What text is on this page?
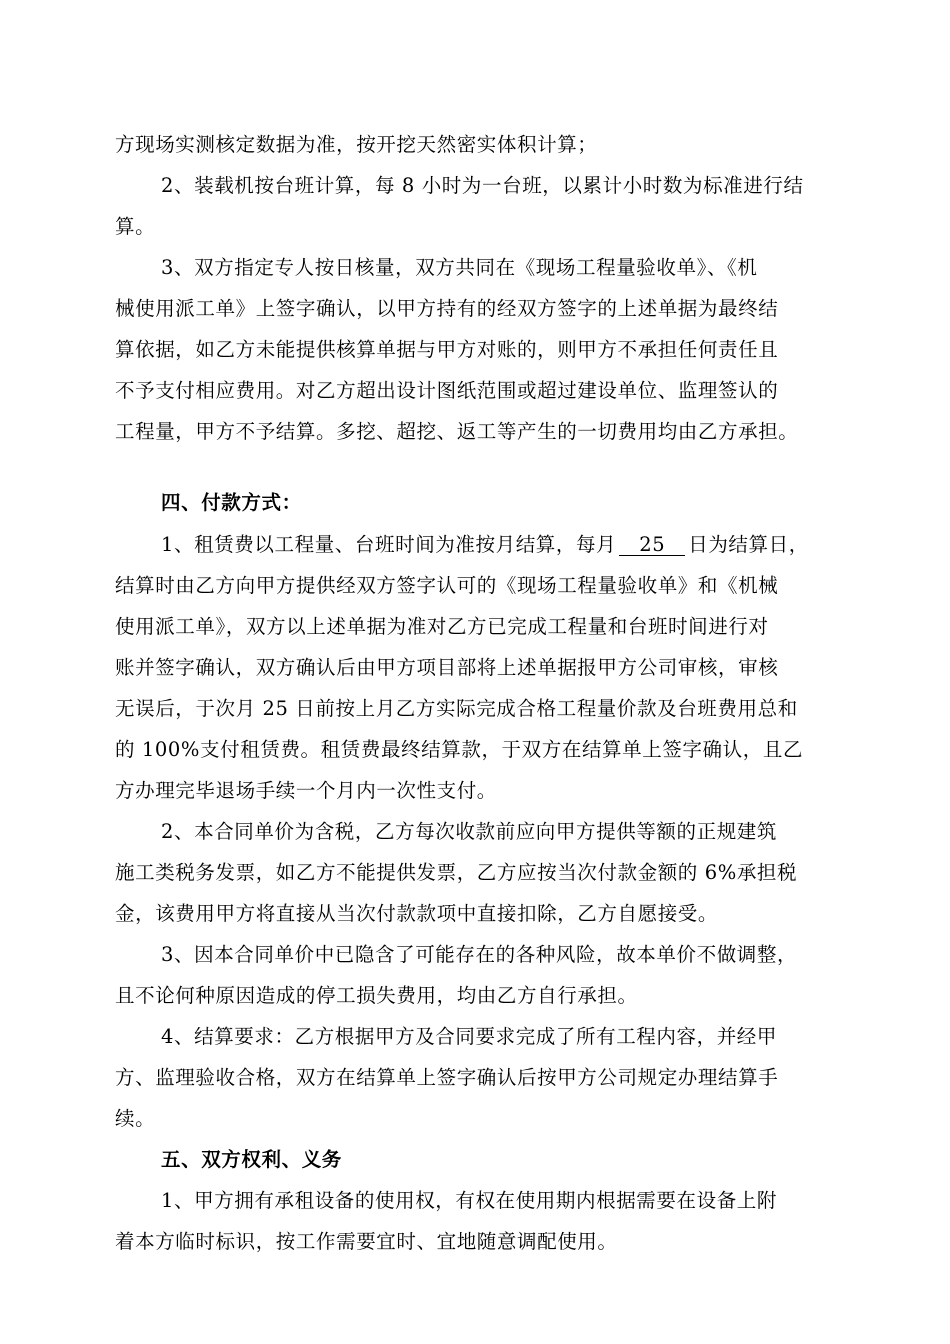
方现场实测核定数据为准，按开挖天然密实体积计算；
2、装载机按台班计算，每 8 小时为一台班，以累计小时数为标准进行结
算。
3、双方指定专人按日核量，双方共同在《现场工程量验收单》、《机
械使用派工单》上签字确认，以甲方持有的经双方签字的上述单据为最终结
算依据，如乙方未能提供核算单据与甲方对账的，则甲方不承担任何责任且
不予支付相应费用。对乙方超出设计图纸范围或超过建设单位、监理签认的
工程量，甲方不予结算。多挖、超挖、返工等产生的一切费用均由乙方承担。
四、付款方式：
1、租赁费以工程量、台班时间为准按月结算，每月 25 日为结算日，
结算时由乙方向甲方提供经双方签字认可的《现场工程量验收单》和《机械
使用派工单》，双方以上述单据为准对乙方已完成工程量和台班时间进行对
账并签字确认，双方确认后由甲方项目部将上述单据报甲方公司审核，审核
无误后，于次月 25 日前按上月乙方实际完成合格工程量价款及台班费用总和
的 100%支付租赁费。租赁费最终结算款，于双方在结算单上签字确认，且乙
方办理完毕退场手续一个月内一次性支付。
2、本合同单价为含税，乙方每次收款前应向甲方提供等额的正规建筑
施工类税务发票，如乙方不能提供发票，乙方应按当次付款金额的 6%承担税
金，该费用甲方将直接从当次付款款项中直接扣除，乙方自愿接受。
3、因本合同单价中已隐含了可能存在的各种风险，故本单价不做调整，
且不论何种原因造成的停工损失费用，均由乙方自行承担。
4、结算要求：乙方根据甲方及合同要求完成了所有工程内容，并经甲
方、监理验收合格，双方在结算单上签字确认后按甲方公司规定办理结算手
续。
五、双方权利、义务
1、甲方拥有承租设备的使用权，有权在使用期内根据需要在设备上附
着本方临时标识，按工作需要宜时、宜地随意调配使用。
